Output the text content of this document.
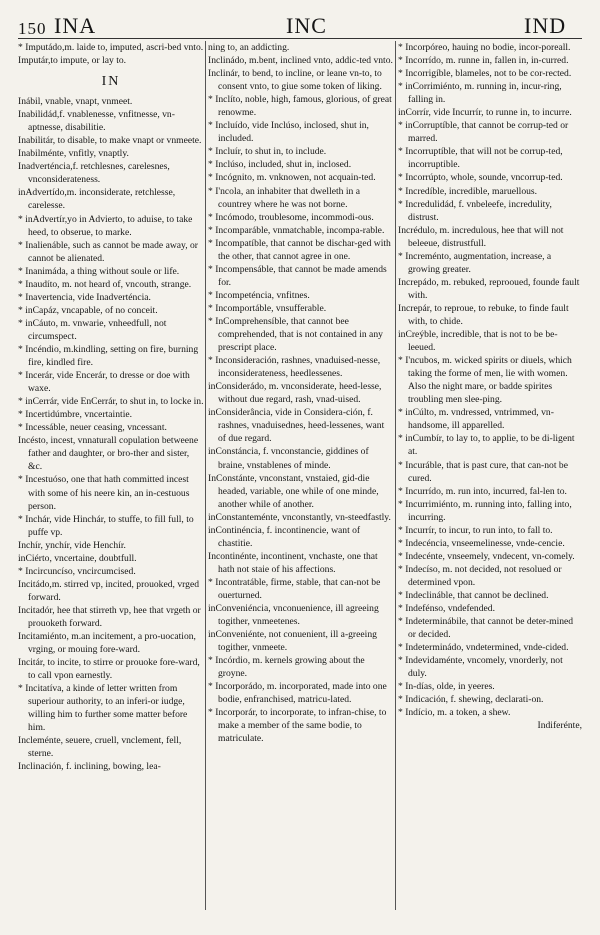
150 INA	INC	IND

* Imputádo,m. laide to, imputed, ascri-bed vnto.

Imputár,to impute, or lay to.

IN

Inábil, vnable, vnapt, vnmeet.

Inabilidád,f. vnablenesse, vnfitnesse, vn-aptnesse, disabilitie.

Inabilitár, to disable, to make vnapt or vnmeete.

Inabilménte, vnfitly, vnaptly.

Inadverténcia,f. retchlesnes, carelesnes, vnconsiderateness.

inAdvertído,m. inconsiderate, retchlesse, carelesse.

* inAdvertír,yo in Advierto, to aduise, to take heed, to obserue, to marke.

* Inalienáble, such as cannot be made away, or cannot be alienated.

* Inanimáda, a thing without soule or life.

* Inaudíto, m. not heard of, vncouth, strange.

* Inavertencia, vide Inadverténcia.

* inCapáz, vncapable, of no conceit.

* inCáuto, m. vnwarie, vnheedfull, not circumspect.

* Incéndio, m.kindling, setting on fire, burning fire, kindled fire.

* Incerár, vide Encerár, to dresse or doe with waxe.

* inCerrár, vide EnCerrár, to shut in, to locke in.

* Incertidúmbre, vncertaintie.

* Incessáble, neuer ceasing, vncessant.

Incésto, incest, vnnaturall copulation betweene father and daughter, or bro-ther and sister, &c.

* Incestuóso, one that hath committed incest with some of his neere kin, an in-cestuous person.

* Inchár, vide Hinchár, to stuffe, to fill full, to puffe vp.

Inchír, ynchír, vide Henchír.

inCiérto, vncertaine, doubtfull.

* Incircuncíso, vncircumcised.

Incitádo,m. stirred vp, incited, prouoked, vrged forward.

Incitadór, hee that stirreth vp, hee that vrgeth or prouoketh forward.

Incitamiénto, m.an incitement, a pro-uocation, vrging, or mouing fore-ward.

Incitár, to incite, to stirre or prouoke fore-ward, to call vpon earnestly.

* Incitatíva, a kinde of letter written from superiour authority, to an inferi-or iudge, willing him to further some matter before him.

Incleménte, seuere, cruell, vnclement, fell, sterne.

Inclinación, f. inclining, bowing, lea-

ning to, an addicting.

Inclinádo, m.bent, inclined vnto, addic-ted vnto.

Inclinár, to bend, to incline, or leane vn-to, to consent vnto, to giue some token of liking.

* Inclíto, noble, high, famous, glorious, of great renowme.

* Incluído, vide Inclúso, inclosed, shut in, included.

* Incluír, to shut in, to include.

* Inclúso, included, shut in, inclosed.

* Incógnito, m. vnknowen, not acquain-ted.

* I'ncola, an inhabiter that dwelleth in a countrey where he was not borne.

* Incómodo, troublesome, incommodi-ous.

* Incomparáble, vnmatchable, incompa-rable.

* Incompatíble, that cannot be dischar-ged with the other, that cannot agree in one.

* Incompensáble, that cannot be made amends for.

* Incompeténcia, vnfitnes.

* Incomportáble, vnsufferable.

* InComprehensíble, that cannot bee comprehended, that is not contained in any prescript place.

* Inconsideración, rashnes, vnaduised-nesse, inconsiderateness, heedlessenes.

inConsiderádo, m. vnconsiderate, heed-lesse, without due regard, rash, vnad-uised.

inConsiderância, vide in Considera-ción, f. rashnes, vnaduisednes, heed-lessenes, want of due regard.

inConstáncia, f. vnconstancie, giddines of braine, vnstablenes of minde.

InConstánte, vnconstant, vnstaied, gid-die headed, variable, one while of one minde, another while of another.

inConstanteménte, vnconstantly, vn-steedfastly.

inContinéncia, f. incontinencie, want of chastitie.

Incontinénte, incontinent, vnchaste, one that hath not staie of his affections.

* Incontratáble, firme, stable, that can-not be ouerturned.

inConveniéncia, vnconuenience, ill agreeing togither, vnmeetenes.

inConveniénte, not conuenient, ill a-greeing togither, vnmeete.

* Incórdio, m. kernels growing about the groyne.

* Incorporádo, m. incorporated, made into one bodie, enfranchised, matricu-lated.

* Incorporár, to incorporate, to infran-chise, to make a member of the same bodie, to matriculate.

* Incorpóreo, hauing no bodie, incor-poreall.

* Incorrído, m. runne in, fallen in, in-curred.

* Incorrigíble, blameles, not to be cor-rected.

* inCorrimiénto, m. running in, incur-ring, falling in.

inCorrír, vide Incurrír, to runne in, to incurre.

* inCorruptíble, that cannot be corrup-ted or marred.

* Incorruptíble, that will not be corrup-ted, incorruptible.

* Incorrúpto, whole, sounde, vncorrup-ted.

* Incredíble, incredible, maruellous.

* Incredulidád, f. vnbeleefe, incredulity, distrust.

Incrédulo, m. incredulous, hee that will not beleeue, distrustfull.

* Increménto, augmentation, increase, a growing greater.

Increpádo, m. rebuked, reprooued, founde fault with.

Increpár, to reproue, to rebuke, to finde fault with, to chide.

inCreýble, incredible, that is not to be be-leeued.

* I'ncubos, m. wicked spirits or diuels, which taking the forme of men, lie with women. Also the night mare, or badde spirites troubling men slee-ping.

* inCúlto, m. vndressed, vntrimmed, vn-handsome, ill apparelled.

* inCumbír, to lay to, to applie, to be di-ligent at.

* Incuráble, that is past cure, that can-not be cured.

* Incurrído, m. run into, incurred, fal-len to.

* Incurrimiénto, m. running into, falling into, incurring.

* Incurrír, to incur, to run into, to fall to.

* Indecéncia, vnseemelinesse, vnde-cencie.

* Indecénte, vnseemely, vndecent, vn-comely.

* Indecíso, m. not decided, not resolued or determined vpon.

* Indeclináble, that cannot be declined.

* Indefénso, vndefended.

* Indeterminábile, that cannot be deter-mined or decided.

* Indeterminádo, vndetermined, vnde-cided.

* Indevidaménte, vncomely, vnorderly, not duly.

* In-días, olde, in yeeres.

* Indicación, f. shewing, declarati-on.

* Indício, m. a token, a shew.

Indiferénte,
